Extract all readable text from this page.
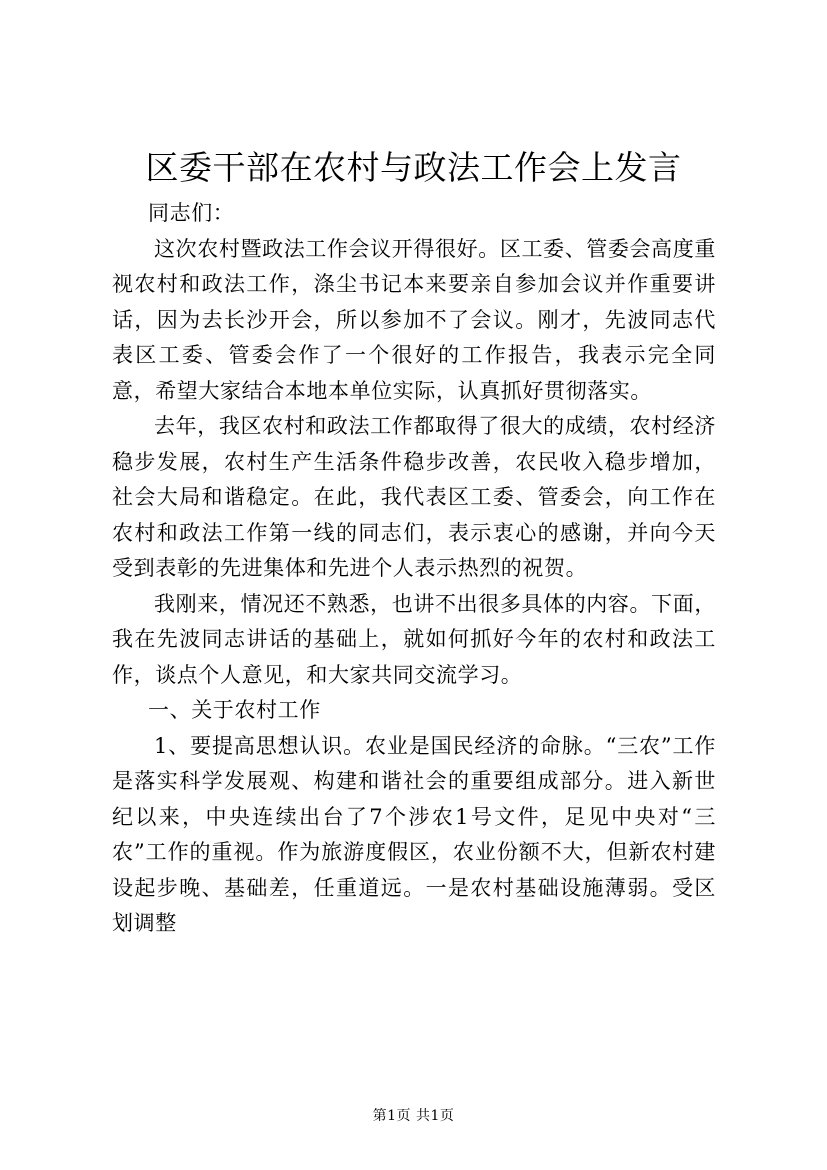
区委干部在农村与政法工作会上发言

同志们：

这次农村暨政法工作会议开得很好。区工委、管委会高度重视农村和政法工作，涤尘书记本来要亲自参加会议并作重要讲话，因为去长沙开会，所以参加不了会议。刚才，先波同志代表区工委、管委会作了一个很好的工作报告，我表示完全同意，希望大家结合本地本单位实际，认真抓好贯彻落实。

去年，我区农村和政法工作都取得了很大的成绩，农村经济稳步发展，农村生产生活条件稳步改善，农民收入稳步增加，社会大局和谐稳定。在此，我代表区工委、管委会，向工作在农村和政法工作第一线的同志们，表示衷心的感谢，并向今天受到表彰的先进集体和先进个人表示热烈的祝贺。

我刚来，情况还不熟悉，也讲不出很多具体的内容。下面，我在先波同志讲话的基础上，就如何抓好今年的农村和政法工作，谈点个人意见，和大家共同交流学习。

一、关于农村工作

1、要提高思想认识。农业是国民经济的命脉。“三农”工作是落实科学发展观、构建和谐社会的重要组成部分。进入新世纪以来，中央连续出台了7个涉农1号文件，足见中央对“三农”工作的重视。作为旅游度假区，农业份额不大，但新农村建设起步晚、基础差，任重道远。一是农村基础设施薄弱。受区划调整

第1页 共1页
